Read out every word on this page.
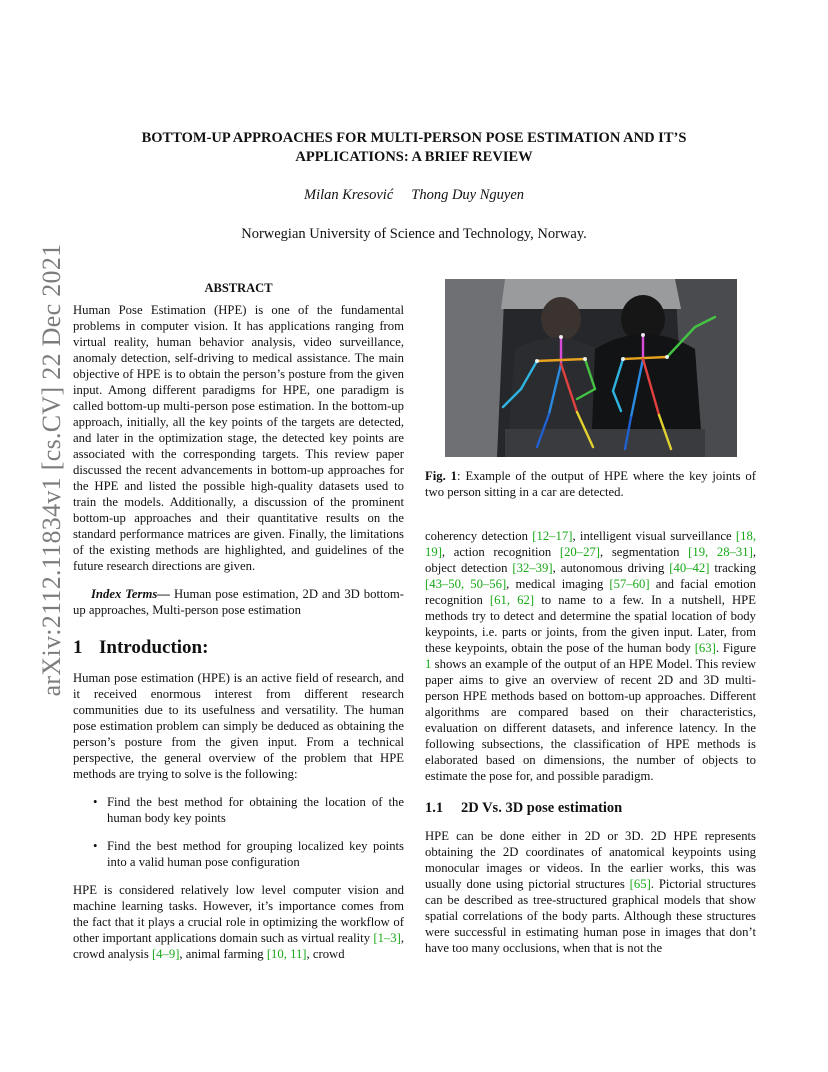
arXiv:2112.11834v1 [cs.CV] 22 Dec 2021
BOTTOM-UP APPROACHES FOR MULTI-PERSON POSE ESTIMATION AND IT’S
APPLICATIONS: A BRIEF REVIEW
Milan Kresović Thong Duy Nguyen
Norwegian University of Science and Technology, Norway.

ABSTRACT

Human Pose Estimation (HPE) is one of the fundamental problems in computer vision. It has applications ranging from virtual reality, human behavior analysis, video surveillance, anomaly detection, self-driving to medical assistance. The main objective of HPE is to obtain the person’s posture from the given input. Among different paradigms for HPE, one paradigm is called bottom-up multi-person pose estimation. In the bottom-up approach, initially, all the key points of the targets are detected, and later in the optimization stage, the detected key points are associated with the corresponding targets. This review paper discussed the recent advancements in bottom-up approaches for the HPE and listed the possible high-quality datasets used to train the models. Additionally, a discussion of the prominent bottom-up approaches and their quantitative results on the standard performance matrices are given. Finally, the limitations of the existing methods are highlighted, and guidelines of the future research directions are given.

Index Terms— Human pose estimation, 2D and 3D bottom-up approaches, Multi-person pose estimation

1 Introduction:

Human pose estimation (HPE) is an active field of research, and it received enormous interest from different research communities due to its usefulness and versatility. The human pose estimation problem can simply be deduced as obtaining the person’s posture from the given input. From a technical perspective, the general overview of the problem that HPE methods are trying to solve is the following:

• Find the best method for obtaining the location of the human body key points
• Find the best method for grouping localized key points into a valid human pose configuration

HPE is considered relatively low level computer vision and machine learning tasks. However, it’s importance comes from the fact that it plays a crucial role in optimizing the workflow of other important applications domain such as virtual reality [1–3], crowd analysis [4–9], animal farming [10, 11], crowd

Fig. 1: Example of the output of HPE where the key joints of two person sitting in a car are detected.

coherency detection [12–17], intelligent visual surveillance [18, 19], action recognition [20–27], segmentation [19, 28–31], object detection [32–39], autonomous driving [40–42] tracking [43–50, 50–56], medical imaging [57–60] and facial emotion recognition [61, 62] to name to a few. In a nutshell, HPE methods try to detect and determine the spatial location of body keypoints, i.e. parts or joints, from the given input. Later, from these keypoints, obtain the pose of the human body [63]. Figure 1 shows an example of the output of an HPE Model. This review paper aims to give an overview of recent 2D and 3D multi-person HPE methods based on bottom-up approaches. Different algorithms are compared based on their characteristics, evaluation on different datasets, and inference latency. In the following subsections, the classification of HPE methods is elaborated based on dimensions, the number of objects to estimate the pose for, and possible paradigm.

1.1 2D Vs. 3D pose estimation

HPE can be done either in 2D or 3D. 2D HPE represents obtaining the 2D coordinates of anatomical keypoints using monocular images or videos. In the earlier works, this was usually done using pictorial structures [65]. Pictorial structures can be described as tree-structured graphical models that show spatial correlations of the body parts. Although these structures were successful in estimating human pose in images that don’t have too many occlusions, when that is not the
